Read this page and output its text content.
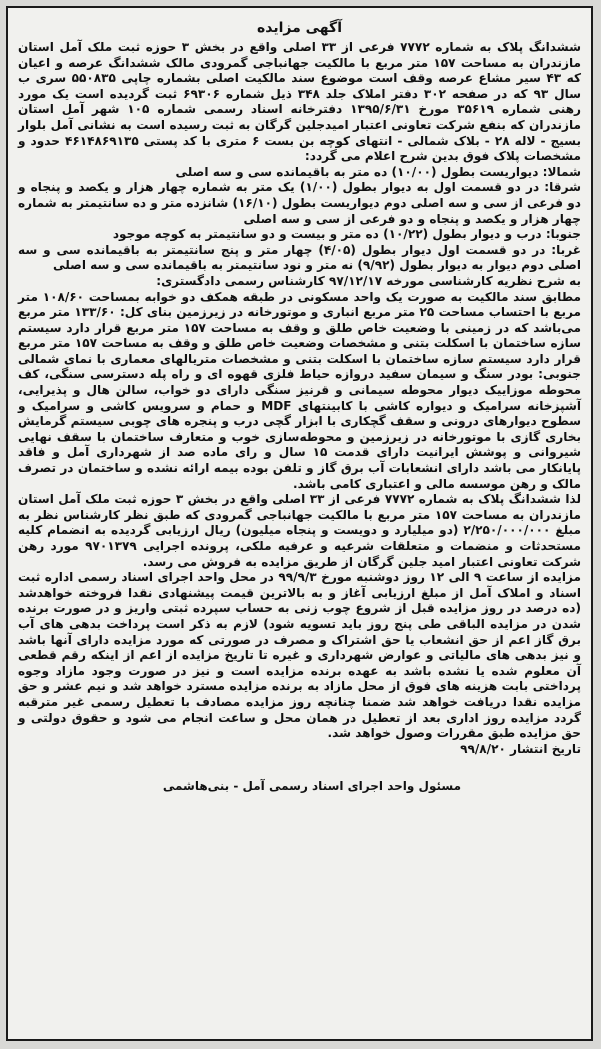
آگهی مزایده

ششدانگ پلاک به شماره ۷۷۷۲ فرعی از ۳۳ اصلی واقع در بخش ۳ حوزه ثبت ملک آمل استان مازندران به مساحت ۱۵۷ متر مربع با مالکیت جهانباجی گمرودی مالک ششدانگ عرصه و اعیان که ۴۳ سیر مشاع عرصه وقف است موضوع سند مالکیت اصلی بشماره چاپی ۵۵۰۸۳۵ سری ب سال ۹۳ که در صفحه ۳۰۲ دفتر املاک جلد ۳۴۸ ذیل شماره ۶۹۳۰۶ ثبت گردیده است یک مورد رهنی شماره ۳۵۶۱۹ مورخ ۱۳۹۵/۶/۳۱ دفترخانه اسناد رسمی شماره ۱۰۵ شهر آمل استان مازندران که بنفع شرکت تعاونی اعتبار امیدجلین گرگان به ثبت رسیده است به نشانی آمل بلوار بسیج - لاله ۲۸ - بلاک شمالی - انتهای کوچه بن بست ۶ متری با کد پستی ۴۶۱۴۸۶۹۱۳۵ حدود و مشخصات پلاک فوق بدین شرح اعلام می گردد:

شمالا: دیواریست بطول (۱۰/۰۰) ده متر به باقیمانده سی و سه اصلی

شرقا: در دو قسمت اول به دیوار بطول (۱/۰۰) یک متر به شماره چهار هزار و یکصد و پنجاه و دو فرعی از سی و سه اصلی دوم دیواریست بطول (۱۶/۱۰) شانزده متر و ده سانتیمتر به شماره چهار هزار و یکصد و پنجاه و دو فرعی از سی و سه اصلی

جنوبا: درب و دیوار بطول (۱۰/۲۲) ده متر و بیست و دو سانتیمتر به کوچه موجود

غربا: در دو قسمت اول دیوار بطول (۴/۰۵) چهار متر و پنج سانتیمتر به باقیمانده سی و سه اصلی دوم دیوار به دیوار بطول (۹/۹۲) نه متر و نود سانتیمتر به باقیمانده سی و سه اصلی

به شرح نظریه کارشناسی مورخه ۹۷/۱۲/۱۷ کارشناس رسمی دادگستری:

مطابق سند مالکیت به صورت یک واحد مسکونی در طبقه همکف دو خوابه بمساحت ۱۰۸/۶۰ متر مربع با احتساب مساحت ۲۵ متر مربع انباری و موتورخانه در زیرزمین بنای کل: ۱۳۳/۶۰ متر مربع می‌باشد که در زمینی با وضعیت خاص طلق و وقف به مساحت ۱۵۷ متر مربع قرار دارد سیستم سازه ساختمان با اسکلت بتنی و مشخصات وضعیت خاص طلق و وقف به مساحت ۱۵۷ متر مربع قرار دارد سیستم سازه ساختمان با اسکلت بتنی و مشخصات متریالهای معماری با نمای شمالی جنوبی: بودر سنگ و سیمان سفید دروازه حیاط فلزی قهوه ای و راه پله دسترسی سنگی، کف محوطه موزاییک دیوار محوطه سیمانی و قرنیز سنگی دارای دو خواب، سالن هال و پذیرایی، آشپزخانه سرامیک و دیواره کاشی با کابینتهای MDF و حمام و سرویس کاشی و سرامیک و سطوح دیوارهای درونی و سقف گچکاری با ابزار گچی درب و پنجره های چوبی سیستم گرمایش بخاری گازی با موتورخانه در زیرزمین و محوطه‌سازی خوب و متعارف ساختمان با سقف نهایی شیروانی و پوشش ایرانیت دارای قدمت ۱۵ سال و رای ماده صد از شهرداری آمل و فاقد پایانکار می باشد دارای انشعابات آب برق گاز و تلفن بوده بیمه ارائه نشده و ساختمان در تصرف مالک و رهن موسسه مالی و اعتباری کامی باشد.

لذا ششدانگ پلاک به شماره ۷۷۷۲ فرعی از ۳۳ اصلی واقع در بخش ۳ حوزه ثبت ملک آمل استان مازندران به مساحت ۱۵۷ متر مربع با مالکیت جهانباجی گمرودی که طبق نظر کارشناس نظر به مبلغ ۲/۲۵۰/۰۰۰/۰۰۰ (دو میلیارد و دویست و پنجاه میلیون) ریال ارزیابی گردیده به انضمام کلیه مستحدثات و منضمات و متعلقات شرعیه و عرفیه ملکی، پرونده اجرایی ۹۷۰۱۳۷۹ مورد رهن شرکت تعاونی اعتبار امید جلین گرگان از طریق مزایده به فروش می رسد.

مزایده از ساعت ۹ الی ۱۲ روز دوشنبه مورخ ۹۹/۹/۳ در محل واحد اجرای اسناد رسمی اداره ثبت اسناد و املاک آمل از مبلغ ارزیابی آغاز و به بالاترین قیمت پیشنهادی نقدا فروخته خواهدشد (ده درصد در روز مزایده قبل از شروع چوب زنی به حساب سپرده ثبتی واریز و در صورت برنده شدن در مزایده الباقی طی پنج روز باید تسویه شود) لازم به ذکر است پرداخت بدهی های آب برق گاز اعم از حق انشعاب یا حق اشتراک و مصرف در صورتی که مورد مزایده دارای آنها باشد و نیز بدهی های مالیاتی و عوارض شهرداری و غیره تا تاریخ مزایده از اعم از اینکه رقم قطعی آن معلوم شده یا نشده باشد به عهده برنده مزایده است و نیز در صورت وجود مازاد وجوه پرداختی بابت هزینه های فوق از محل مازاد به برنده مزایده مسترد خواهد شد و نیم عشر و حق مزایده نقدا دریافت خواهد شد ضمنا چنانچه روز مزایده مصادف با تعطیل رسمی غیر مترقبه گردد مزایده روز اداری بعد از تعطیل در همان محل و ساعت انجام می شود و حقوق دولتی و حق مزایده طبق مقررات وصول خواهد شد.

تاریخ انتشار ۹۹/۸/۲۰

مسئول واحد اجرای اسناد رسمی آمل - بنی‌هاشمی
